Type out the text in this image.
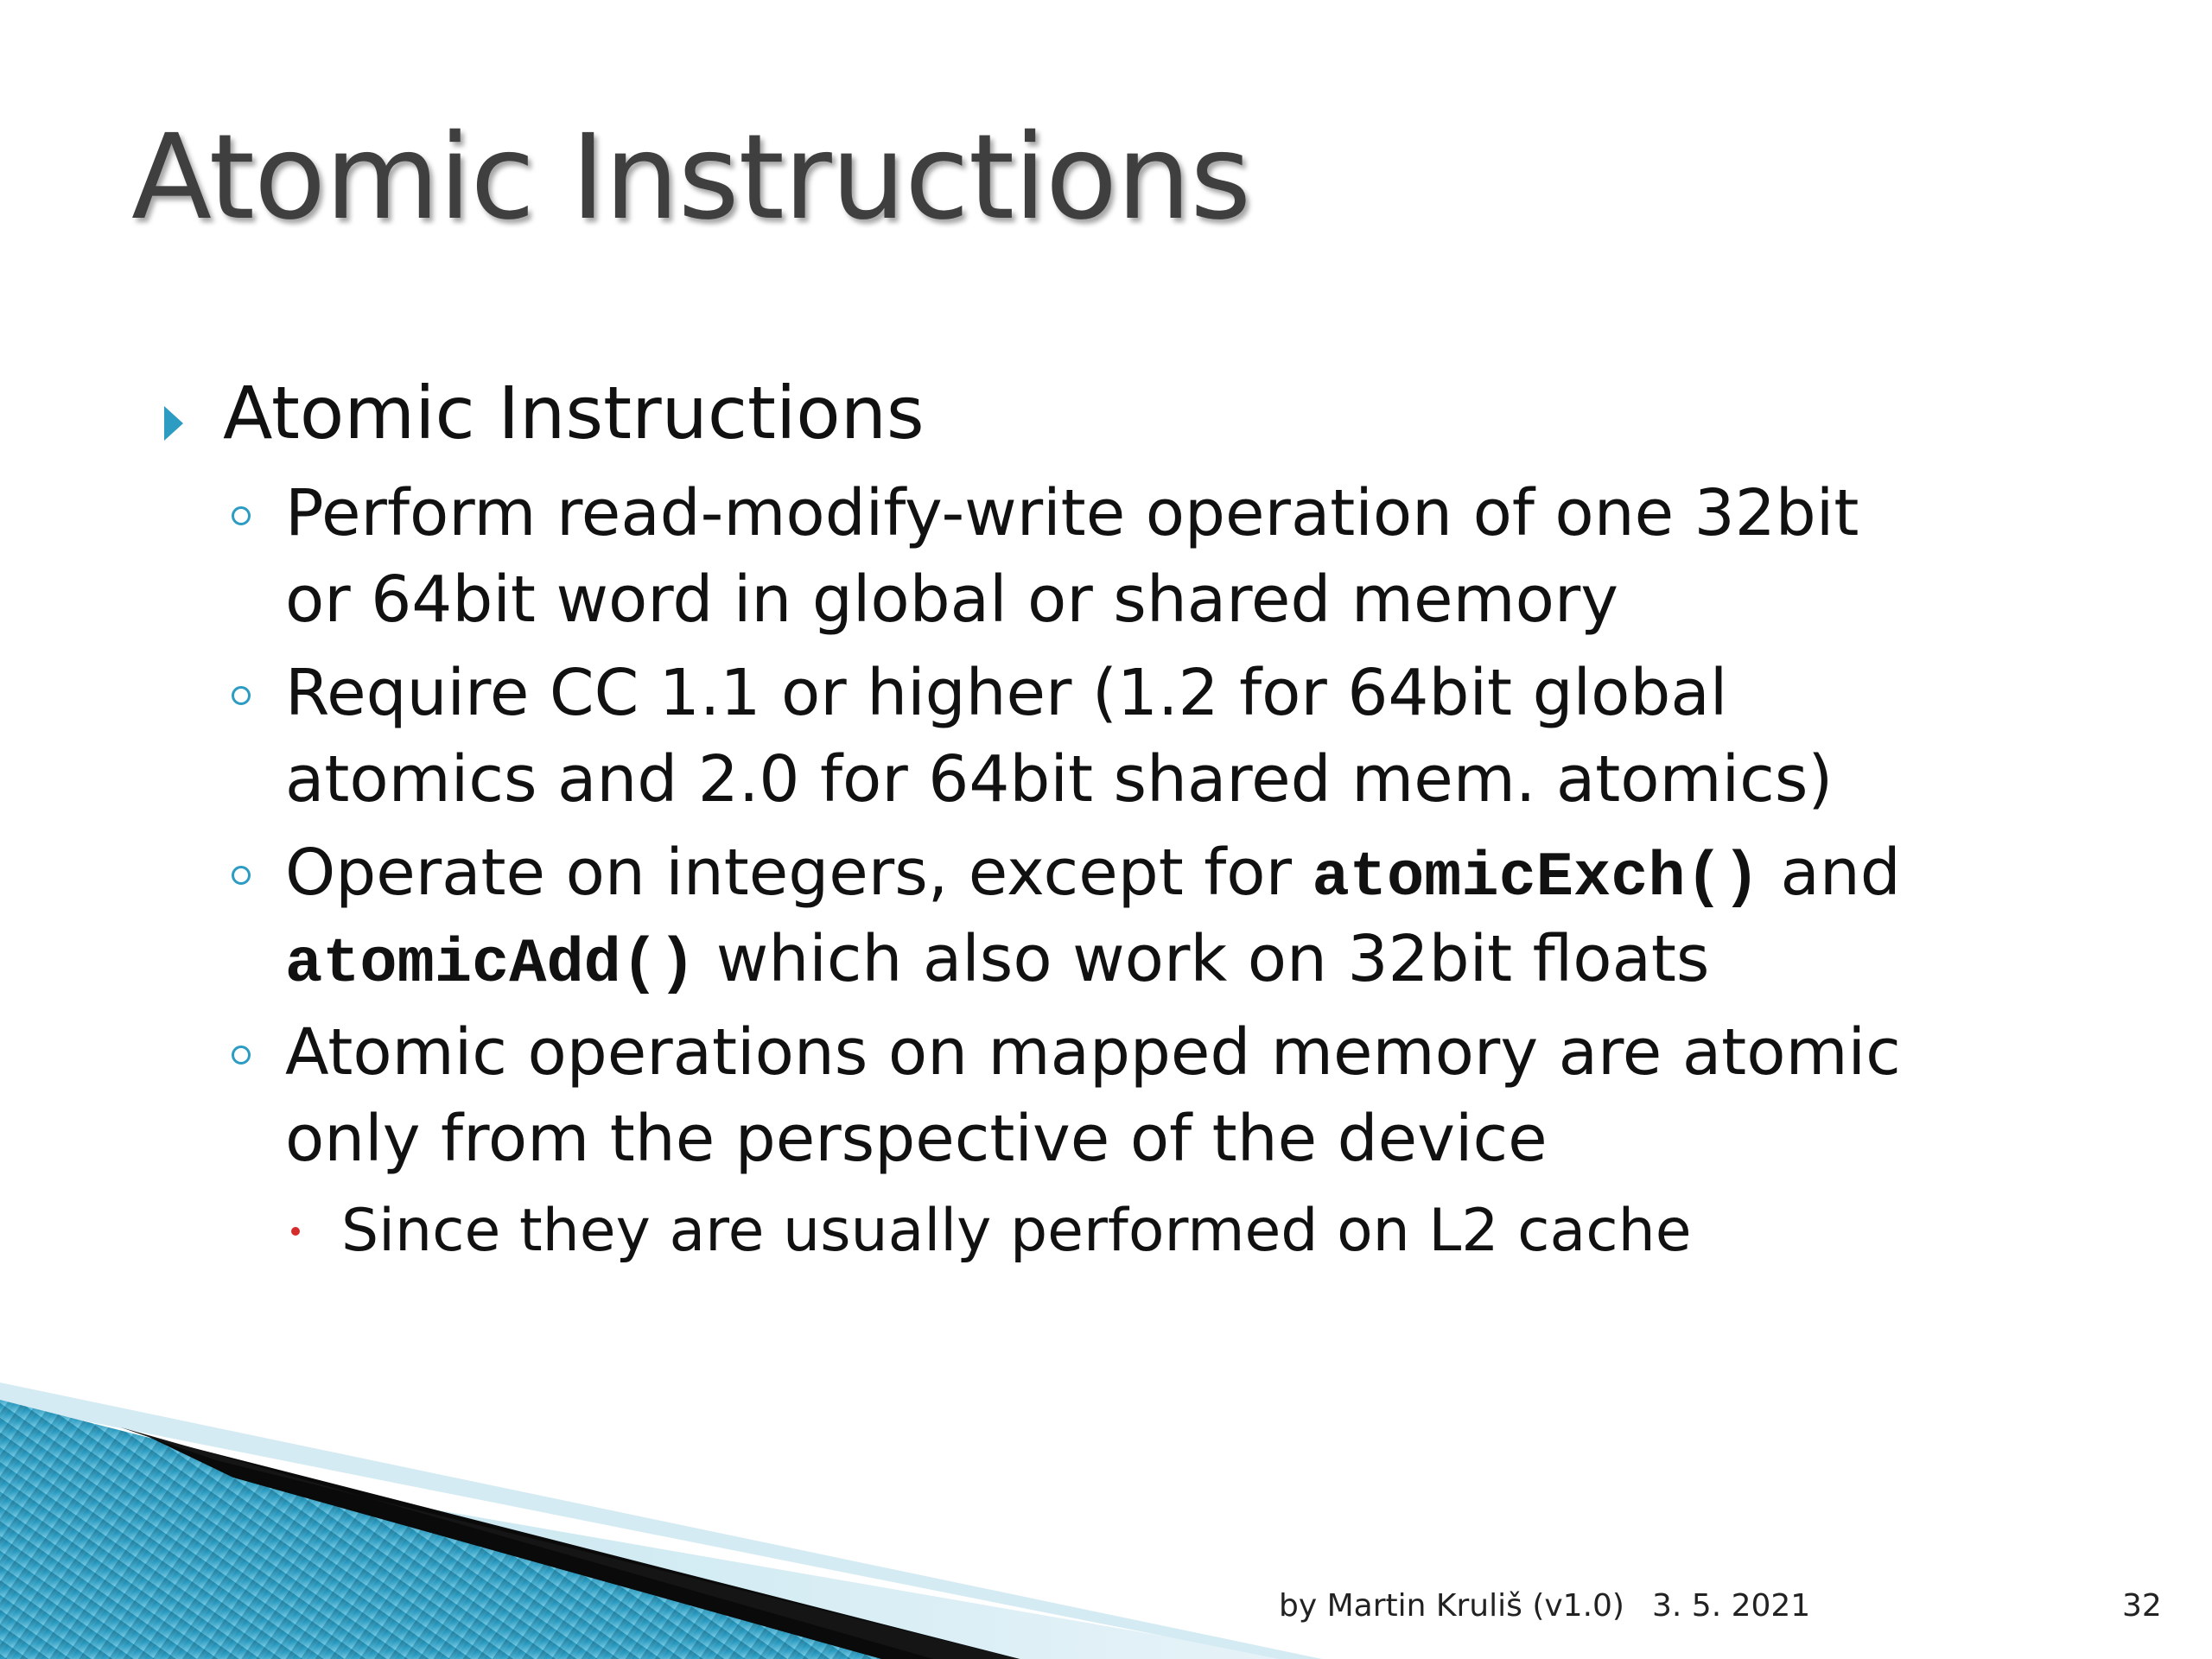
Atomic Instructions
Atomic Instructions
Perform read-modify-write operation of one 32bit
or 64bit word in global or shared memory
Require CC 1.1 or higher (1.2 for 64bit global
atomics and 2.0 for 64bit shared mem. atomics)
Operate on integers, except for atomicExch() and
atomicAdd() which also work on 32bit floats
Atomic operations on mapped memory are atomic
only from the perspective of the device
Since they are usually performed on L2 cache
by Martin Kruliš (v1.0) 3. 5. 2021	32
